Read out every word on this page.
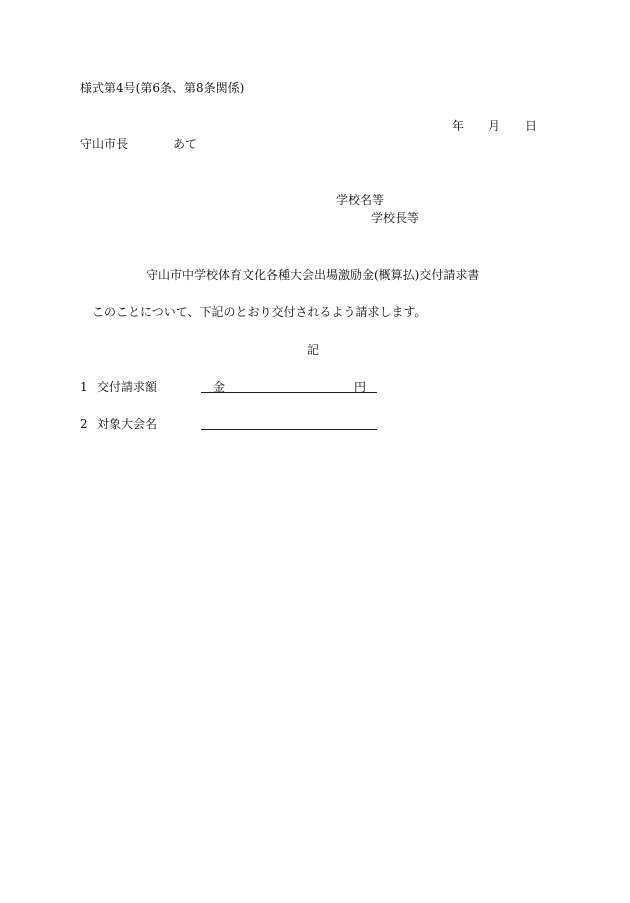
様式第4号(第6条、第8条関係)
年 月 日
守山市長	あて
学校名等
学校長等
守山市中学校体育文化各種大会出場激励金(概算払)交付請求書
このことについて、下記のとおり交付されるよう請求します。
記
1 交付請求額	金	円
2 対象大会名
